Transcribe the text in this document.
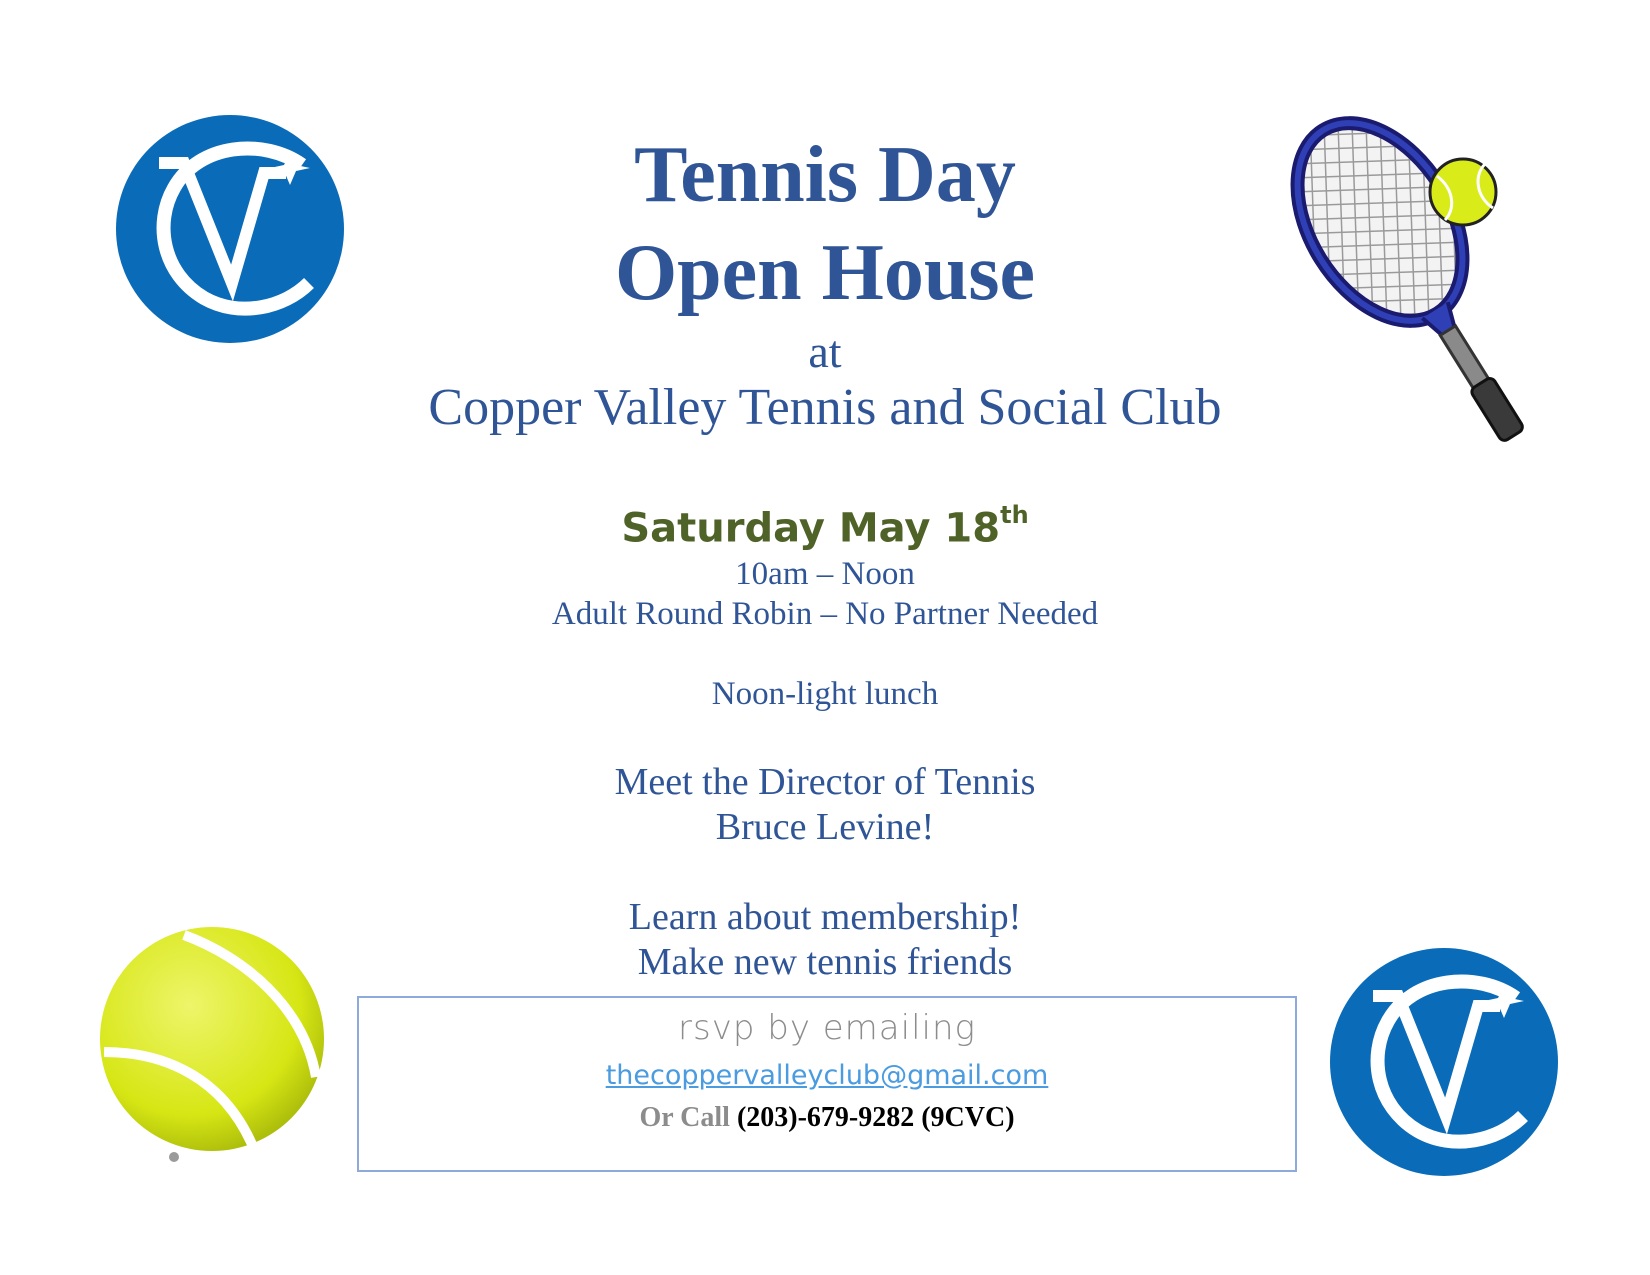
Tennis Day
Open House
at
Copper Valley Tennis and Social Club
Saturday May 18th
10am – Noon
Adult Round Robin – No Partner Needed
Noon-light lunch
Meet the Director of Tennis
Bruce Levine!
Learn about membership!
Make new tennis friends
rsvp by emailing
thecoppervalleyclub@gmail.com
Or Call (203)-679-9282 (9CVC)
